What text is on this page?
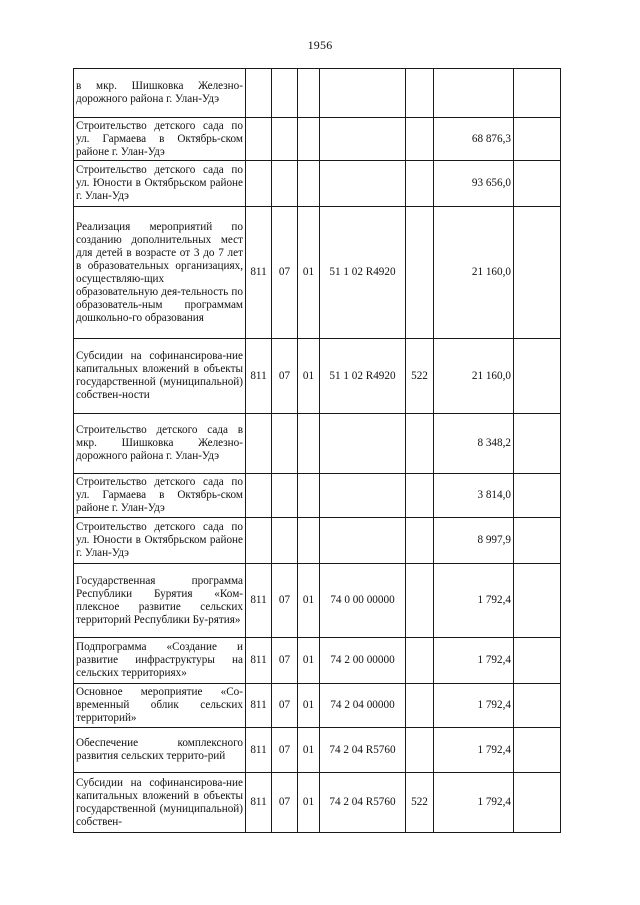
1956
в мкр. Шишковка Железно-дорожного района г. Улан-Удэ							
Строительство детского сада по ул. Гармаева в Октябрь-ском районе г. Улан-Удэ						68 876,3	
Строительство детского сада по ул. Юности в Октябрьском районе г. Улан-Удэ						93 656,0	
Реализация мероприятий по созданию дополнительных мест для детей в возрасте от 3 до 7 лет в образовательных организациях, осуществляю-щих образовательную дея-тельность по образователь-ным программам дошкольно-го образования	811	07	01	51 1 02 R4920		21 160,0	
Субсидии на софинансирова-ние капитальных вложений в объекты государственной (муниципальной) собствен-ности	811	07	01	51 1 02 R4920	522	21 160,0	
Строительство детского сада в мкр. Шишковка Железно-дорожного района г. Улан-Удэ						8 348,2	
Строительство детского сада по ул. Гармаева в Октябрь-ском районе г. Улан-Удэ						3 814,0	
Строительство детского сада по ул. Юности в Октябрьском районе г. Улан-Удэ						8 997,9	
Государственная программа Республики Бурятия «Ком-плексное развитие сельских территорий Республики Бу-рятия»	811	07	01	74 0 00 00000		1 792,4	
Подпрограмма «Создание и развитие инфраструктуры на сельских территориях»	811	07	01	74 2 00 00000		1 792,4	
Основное мероприятие «Со-временный облик сельских территорий»	811	07	01	74 2 04 00000		1 792,4	
Обеспечение комплексного развития сельских террито-рий	811	07	01	74 2 04 R5760		1 792,4	
Субсидии на софинансирова-ние капитальных вложений в объекты государственной (муниципальной) собствен-	811	07	01	74 2 04 R5760	522	1 792,4	
